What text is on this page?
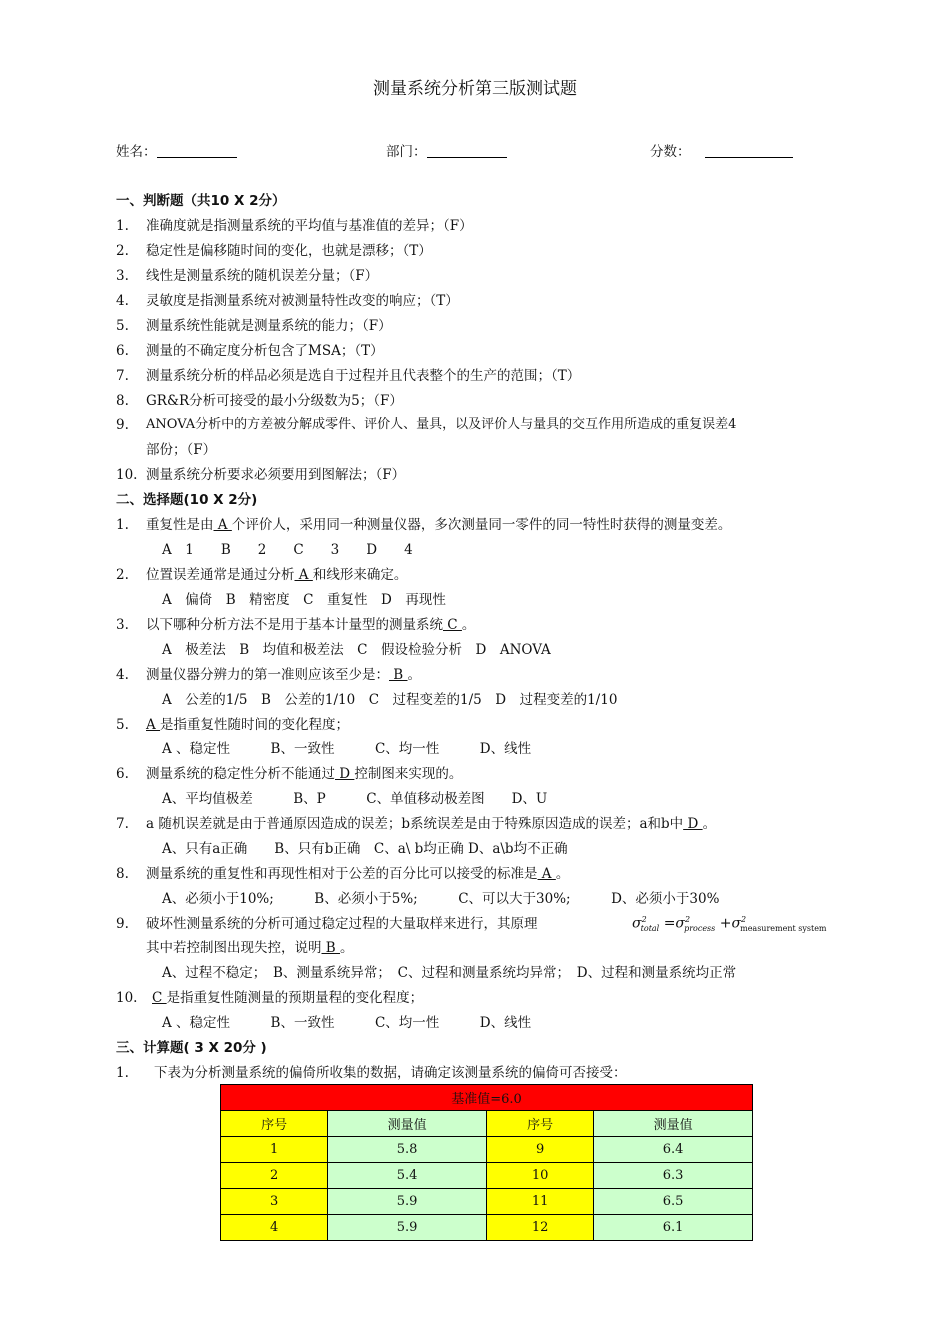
测量系统分析第三版测试题
姓名：	部门：	分数：
一、判断题（共10 X 2分）
1. 准确度就是指测量系统的平均值与基准值的差异；（F）
2. 稳定性是偏移随时间的变化，也就是漂移；（T）
3. 线性是测量系统的随机误差分量；（F）
4. 灵敏度是指测量系统对被测量特性改变的响应；（T）
5. 测量系统性能就是测量系统的能力；（F）
6. 测量的不确定度分析包含了MSA；（T）
7. 测量系统分析的样品必须是选自于过程并且代表整个的生产的范围；（T）
8. GR&R分析可接受的最小分级数为5；（F）
9. ANOVA分析中的方差被分解成零件、评价人、量具，以及评价人与量具的交互作用所造成的重复误差4
部份；（F）
10. 测量系统分析要求必须要用到图解法；（F）
二、选择题(10 X 2分)
1. 重复性是由 A 个评价人，采用同一种测量仪器，多次测量同一零件的同一特性时获得的测量变差。
A　1　　B　　2　　C　　3　　D　　4
2. 位置误差通常是通过分析 A 和线形来确定。
A　偏倚　B　精密度　C　重复性　D　再现性
3. 以下哪种分析方法不是用于基本计量型的测量系统 C 。
A　极差法　B　均值和极差法　C　假设检验分析　D　ANOVA
4. 测量仪器分辨力的第一准则应该至少是： B 。
A　公差的1/5　B　公差的1/10　C　过程变差的1/5　D　过程变差的1/10
5. A 是指重复性随时间的变化程度；
A 、稳定性　　　B、一致性　　　C、均一性　　　D、线性
6. 测量系统的稳定性分析不能通过 D 控制图来实现的。
A、平均值极差　　　B、P　　　C、单值移动极差图　　D、U
7. a 随机误差就是由于普通原因造成的误差；b系统误差是由于特殊原因造成的误差；a和b中 D 。
A、只有a正确　　B、只有b正确　C、a\ b均正确 D、a\b均不正确
8. 测量系统的重复性和再现性相对于公差的百分比可以接受的标准是 A 。
A、必须小于10%;　　　B、必须小于5%;　　　C、可以大于30%;　　　D、必须小于30%
9. 破坏性测量系统的分析可通过稳定过程的大量取样来进行，其原理	$\sigma^2_{total} =\sigma^2_{process} +\sigma^2_{measurement system}$
其中若控制图出现失控，说明 B 。
A、过程不稳定；　B、测量系统异常；　C、过程和测量系统均异常；　D、过程和测量系统均正常
10. C 是指重复性随测量的预期量程的变化程度；
A 、稳定性　　　B、一致性　　　C、均一性　　　D、线性
三、计算题( 3 X 20分 )
1. 下表为分析测量系统的偏倚所收集的数据，请确定该测量系统的偏倚可否接受：
基准值=6.0			
序号	测量值	序号	测量值
1	5.8	9	6.4
2	5.4	10	6.3
3	5.9	11	6.5
4	5.9	12	6.1
